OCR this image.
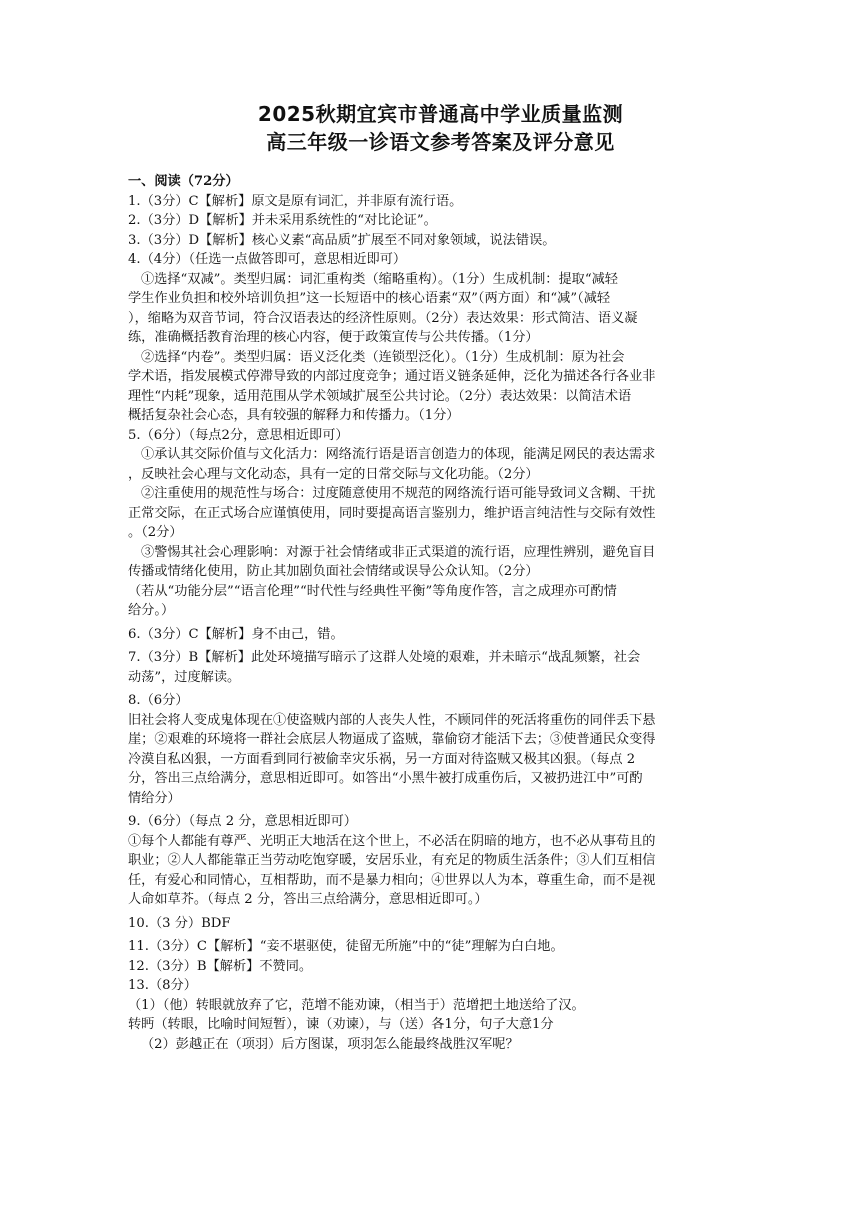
2025秋期宜宾市普通高中学业质量监测
高三年级一诊语文参考答案及评分意见
一、阅读（72分）
1.（3分）C【解析】原文是原有词汇，并非原有流行语。
2.（3分）D【解析】并未采用系统性的“对比论证”。
3.（3分）D【解析】核心义素“高品质”扩展至不同对象领域，说法错误。
4.（4分）（任选一点做答即可，意思相近即可）
①选择“双减”。类型归属：词汇重构类（缩略重构）。（1分）生成机制：提取“减轻
学生作业负担和校外培训负担”这一长短语中的核心语素“双”（两方面）和“减”（减轻
），缩略为双音节词，符合汉语表达的经济性原则。（2分）表达效果：形式简洁、语义凝
练，准确概括教育治理的核心内容，便于政策宣传与公共传播。（1分）
②选择“内卷”。类型归属：语义泛化类（连锁型泛化）。（1分）生成机制：原为社会
学术语，指发展模式停滞导致的内部过度竞争；通过语义链条延伸，泛化为描述各行各业非
理性“内耗”现象，适用范围从学术领域扩展至公共讨论。（2分）表达效果：以简洁术语
概括复杂社会心态，具有较强的解释力和传播力。（1分）
5.（6分）（每点2分，意思相近即可）
①承认其交际价值与文化活力：网络流行语是语言创造力的体现，能满足网民的表达需求
，反映社会心理与文化动态，具有一定的日常交际与文化功能。（2分）
②注重使用的规范性与场合：过度随意使用不规范的网络流行语可能导致词义含糊、干扰
正常交际，在正式场合应谨慎使用，同时要提高语言鉴别力，维护语言纯洁性与交际有效性
。（2分）
③警惕其社会心理影响：对源于社会情绪或非正式渠道的流行语，应理性辨别，避免盲目
传播或情绪化使用，防止其加剧负面社会情绪或误导公众认知。（2分）
（若从“功能分层”“语言伦理”“时代性与经典性平衡”等角度作答，言之成理亦可酌情
给分。）
6.（3分）C【解析】身不由己，错。
7.（3分）B【解析】此处环境描写暗示了这群人处境的艰难，并未暗示“战乱频繁，社会
动荡”，过度解读。
8.（6分）
旧社会将人变成鬼体现在①使盗贼内部的人丧失人性，不顾同伴的死活将重伤的同伴丢下悬
崖；②艰难的环境将一群社会底层人物逼成了盗贼，靠偷窃才能活下去；③使普通民众变得
冷漠自私凶狠，一方面看到同行被偷幸灾乐祸，另一方面对待盗贼又极其凶狠。（每点 2
分，答出三点给满分，意思相近即可。如答出“小黑牛被打成重伤后，又被扔进江中”可酌
情给分）
9.（6分）（每点 2 分，意思相近即可）
①每个人都能有尊严、光明正大地活在这个世上，不必活在阴暗的地方，也不必从事苟且的
职业；②人人都能靠正当劳动吃饱穿暖，安居乐业，有充足的物质生活条件；③人们互相信
任，有爱心和同情心，互相帮助，而不是暴力相向；④世界以人为本，尊重生命，而不是视
人命如草芥。（每点 2 分，答出三点给满分，意思相近即可。）
10.（3 分）BDF
11.（3分）C【解析】“妾不堪驱使，徒留无所施”中的“徒”理解为白白地。
12.（3分）B【解析】不赞同。
13.（8分）
（1）（他）转眼就放弃了它，范增不能劝谏，（相当于）范增把土地送给了汉。
转眄（转眼，比喻时间短暂），谏（劝谏），与（送）各1分，句子大意1分
（2）彭越正在（项羽）后方图谋，项羽怎么能最终战胜汉军呢？
